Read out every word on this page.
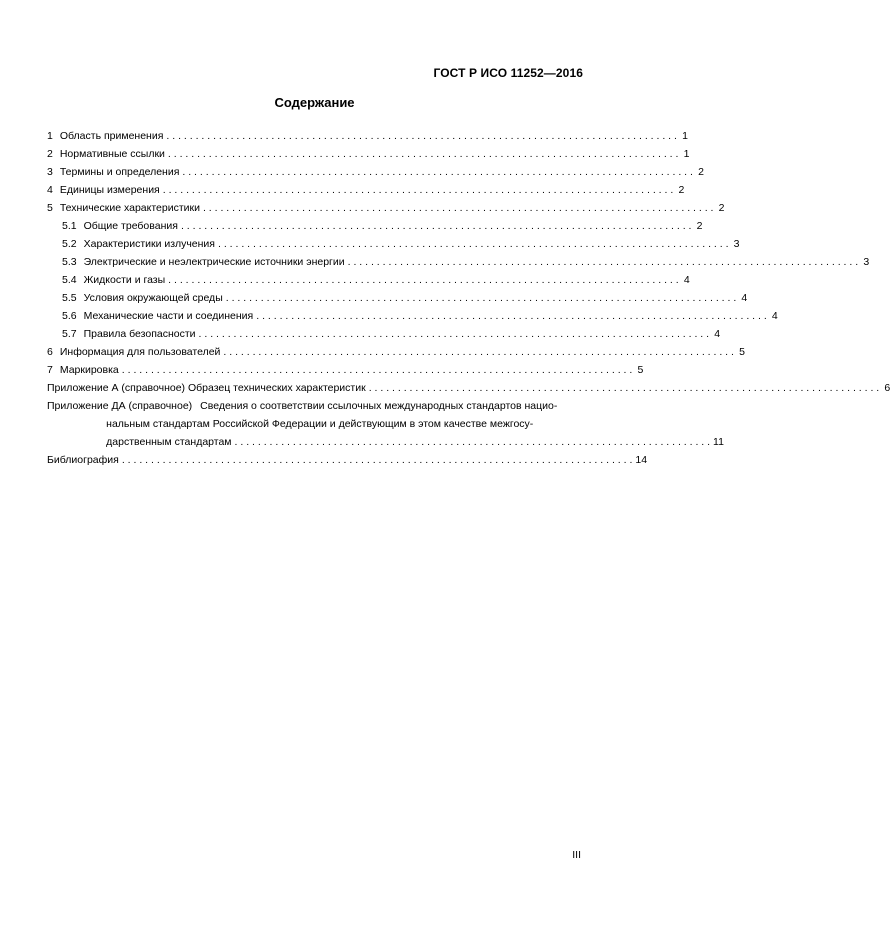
ГОСТ Р ИСО 11252—2016
Содержание
1 Область применения . . .	1
2 Нормативные ссылки . . .	1
3 Термины и определения . . .	2
4 Единицы измерения . . .	2
5 Технические характеристики . . .	2
5.1 Общие требования . . .	2
5.2 Характеристики излучения . . .	3
5.3 Электрические и неэлектрические источники энергии . . .	3
5.4 Жидкости и газы . . .	4
5.5 Условия окружающей среды . . .	4
5.6 Механические части и соединения . . .	4
5.7 Правила безопасности . . .	4
6 Информация для пользователей . . .	5
7 Маркировка . . .	5
Приложение А (справочное) Образец технических характеристик . . .	6
Приложение ДА (справочное) Сведения о соответствии ссылочных международных стандартов нацио-
нальным стандартам Российской Федерации и действующим в этом качестве межгосу-
дарственным стандартам . . .	11
Библиография . . .	14
III
